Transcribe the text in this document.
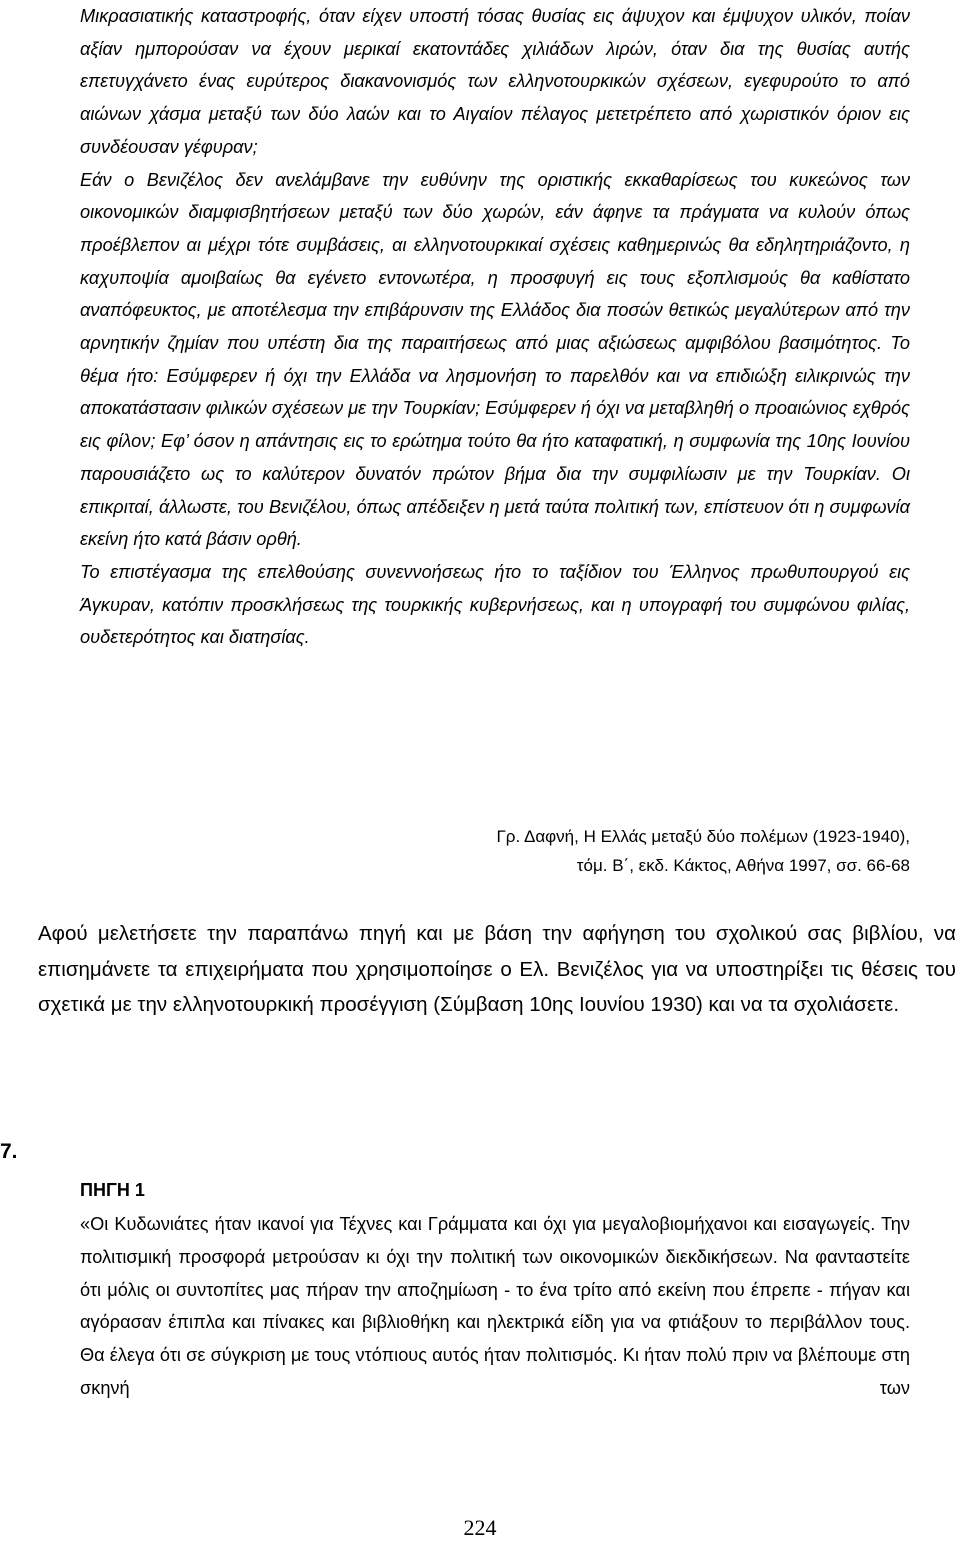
Μικρασιατικής καταστροφής, όταν είχεν υποστή τόσας θυσίας εις άψυχον και έμψυχον υλικόν, ποίαν αξίαν ημπορούσαν να έχουν μερικαί εκατοντάδες χιλιάδων λιρών, όταν δια της θυσίας αυτής επετυγχάνετο ένας ευρύτερος διακανονισμός των ελληνοτουρκικών σχέσεων, εγεφυρούτο το από αιώνων χάσμα μεταξύ των δύο λαών και το Αιγαίον πέλαγος μετετρέπετο από χωριστικόν όριον εις συνδέουσαν γέφυραν;

Εάν ο Βενιζέλος δεν ανελάμβανε την ευθύνην της οριστικής εκκαθαρίσεως του κυκεώνος των οικονομικών διαμφισβητήσεων μεταξύ των δύο χωρών, εάν άφηνε τα πράγματα να κυλούν όπως προέβλεπον αι μέχρι τότε συμβάσεις, αι ελληνοτουρκικαί σχέσεις καθημερινώς θα εδηλητηριάζοντο, η καχυποψία αμοιβαίως θα εγένετο εντονωτέρα, η προσφυγή εις τους εξοπλισμούς θα καθίστατο αναπόφευκτος, με αποτέλεσμα την επιβάρυνσιν της Ελλάδος δια ποσών θετικώς μεγαλύτερων από την αρνητικήν ζημίαν που υπέστη δια της παραιτήσεως από μιας αξιώσεως αμφιβόλου βασιμότητος. Το θέμα ήτο: Εσύμφερεν ή όχι την Ελλάδα να λησμονήση το παρελθόν και να επιδιώξη ειλικρινώς την αποκατάστασιν φιλικών σχέσεων με την Τουρκίαν; Εσύμφερεν ή όχι να μεταβληθή ο προαιώνιος εχθρός εις φίλον; Εφ’ όσον η απάντησις εις το ερώτημα τούτο θα ήτο καταφατική, η συμφωνία της 10ης Ιουνίου παρουσιάζετο ως το καλύτερον δυνατόν πρώτον βήμα δια την συμφιλίωσιν με την Τουρκίαν. Οι επικριταί, άλλωστε, του Βενιζέλου, όπως απέδειξεν η μετά ταύτα πολιτική των, επίστευον ότι η συμφωνία εκείνη ήτο κατά βάσιν ορθή.

Το επιστέγασμα της επελθούσης συνεννοήσεως ήτο το ταξίδιον του Έλληνος πρωθυπουργού εις Άγκυραν, κατόπιν προσκλήσεως της τουρκικής κυβερνήσεως, και η υπογραφή του συμφώνου φιλίας, ουδετερότητος και διατησίας.

Γρ. Δαφνή, Η Ελλάς μεταξύ δύο πολέμων (1923-1940),
τόμ. Β΄, εκδ. Κάκτος, Αθήνα 1997, σσ. 66-68

Αφού μελετήσετε την παραπάνω πηγή και με βάση την αφήγηση του σχολικού σας βιβλίου, να επισημάνετε τα επιχειρήματα που χρησιμοποίησε ο Ελ. Βενιζέλος για να υποστηρίξει τις θέσεις του σχετικά με την ελληνοτουρκική προσέγγιση (Σύμβαση 10ης Ιουνίου 1930) και να τα σχολιάσετε.

7.
ΠΗΓΗ 1

«Οι Κυδωνιάτες ήταν ικανοί για Τέχνες και Γράμματα και όχι για μεγαλοβιομήχανοι και εισαγωγείς. Την πολιτισμική προσφορά μετρούσαν κι όχι την πολιτική των οικονομικών διεκδικήσεων. Να φανταστείτε ότι μόλις οι συντοπίτες μας πήραν την αποζημίωση - το ένα τρίτο από εκείνη που έπρεπε - πήγαν και αγόρασαν έπιπλα και πίνακες και βιβλιοθήκη και ηλεκτρικά είδη για να φτιάξουν το περιβάλλον τους. Θα έλεγα ότι σε σύγκριση με τους ντόπιους αυτός ήταν πολιτισμός. Κι ήταν πολύ πριν να βλέπουμε στη σκηνή των

224
